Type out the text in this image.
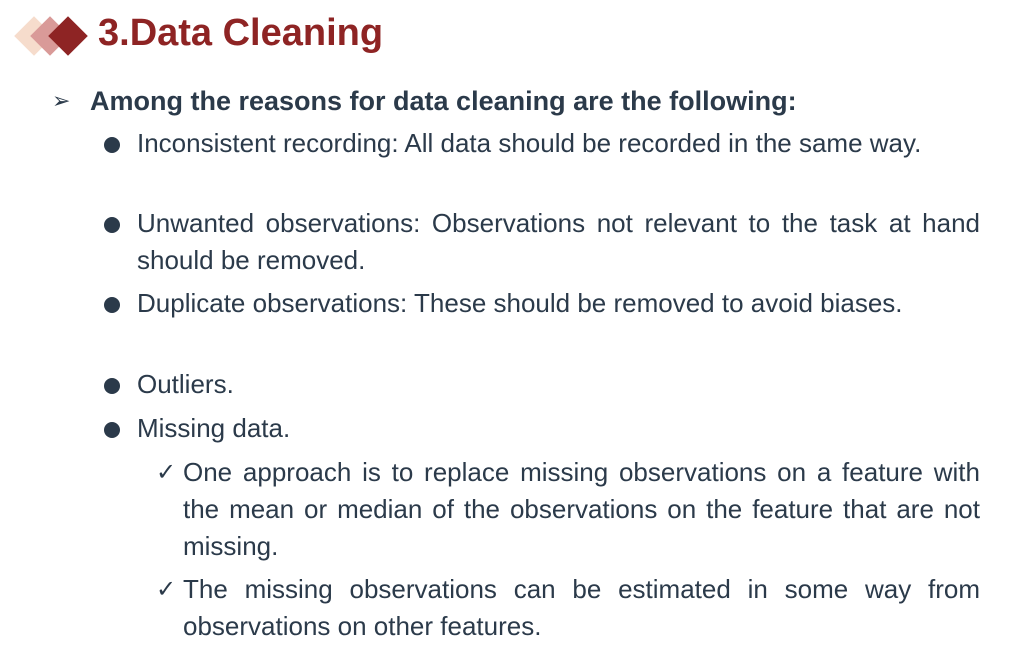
3.Data Cleaning
➢ Among the reasons for data cleaning are the following:
Inconsistent recording: All data should be recorded in the same way.
Unwanted observations: Observations not relevant to the task at hand should be removed.
Duplicate observations: These should be removed to avoid biases.
Outliers.
Missing data.
✓ One approach is to replace missing observations on a feature with the mean or median of the observations on the feature that are not missing.
✓ The missing observations can be estimated in some way from observations on other features.
